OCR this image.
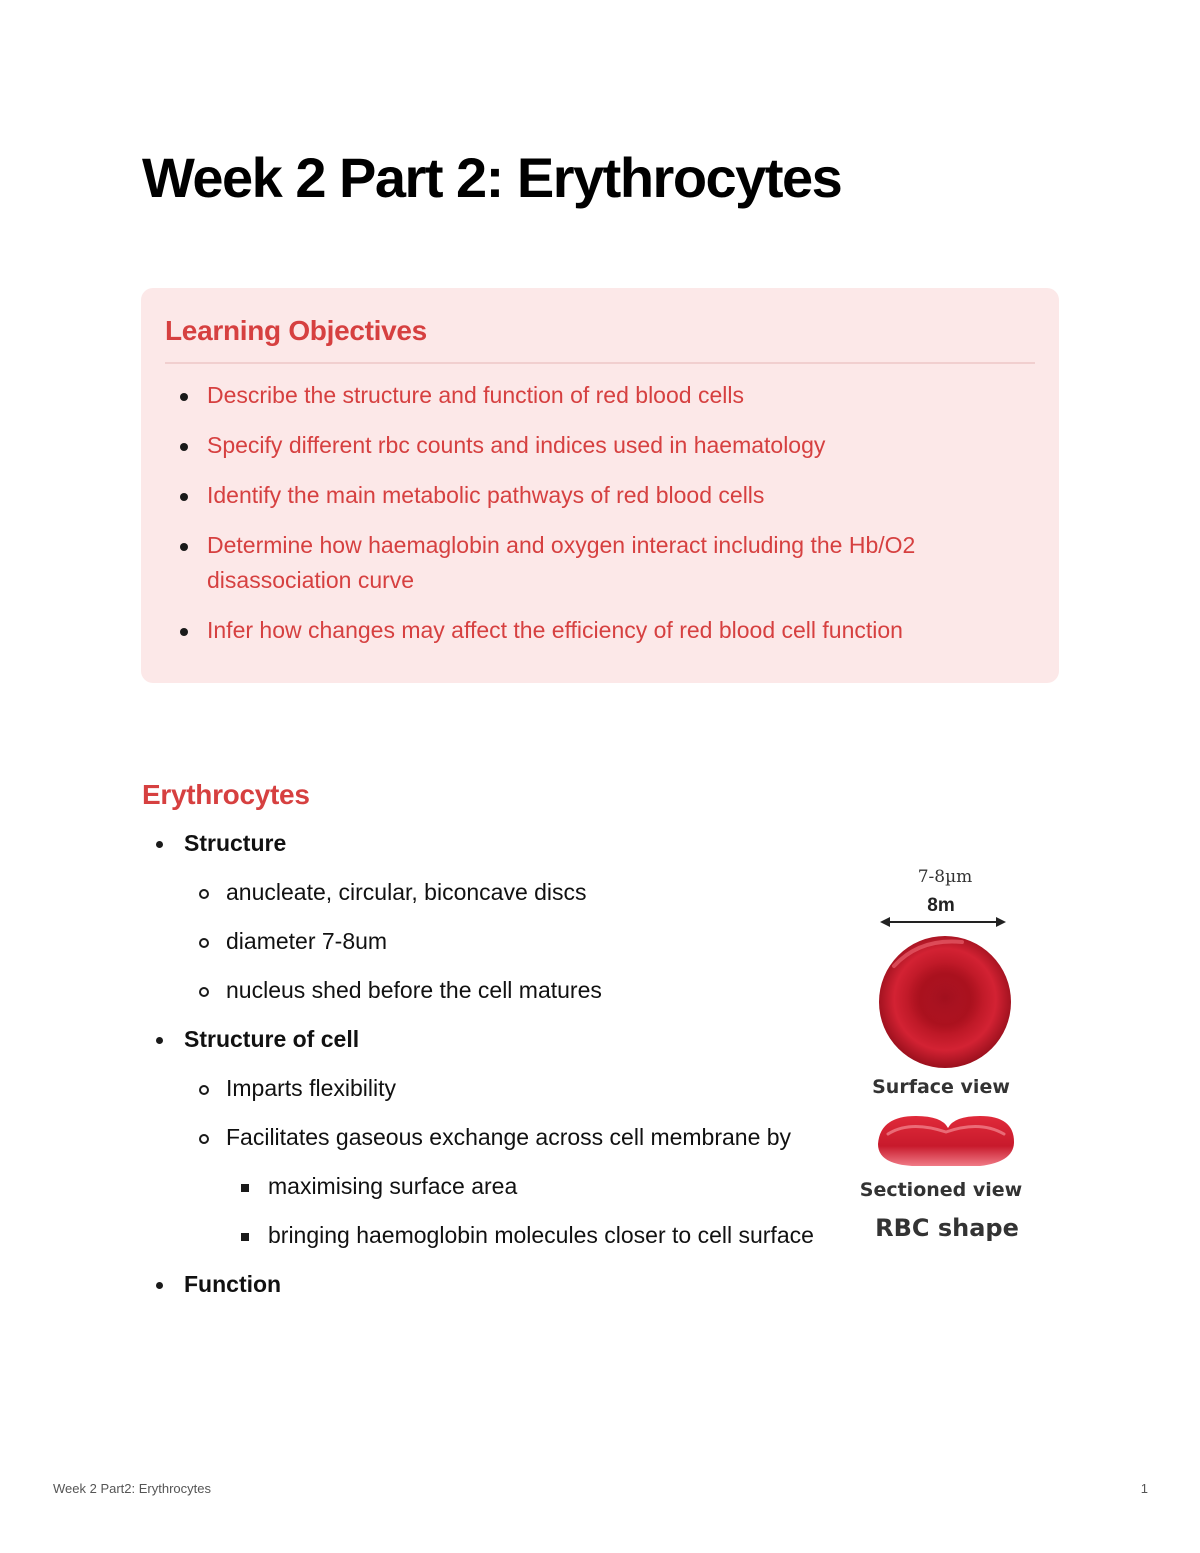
Week 2 Part 2: Erythrocytes
Learning Objectives
Describe the structure and function of red blood cells
Specify different rbc counts and indices used in haematology
Identify the main metabolic pathways of red blood cells
Determine how haemaglobin and oxygen interact including the Hb/O2 disassociation curve
Infer how changes may affect the efficiency of red blood cell function
Erythrocytes
Structure
anucleate, circular, biconcave discs
diameter 7-8um
nucleus shed before the cell matures
Structure of cell
Imparts flexibility
Facilitates gaseous exchange across cell membrane by
maximising surface area
bringing haemoglobin molecules closer to cell surface
Function
7-8µm
8m
Surface view
Sectioned view
RBC shape
Week 2 Part2: Erythrocytes	1
